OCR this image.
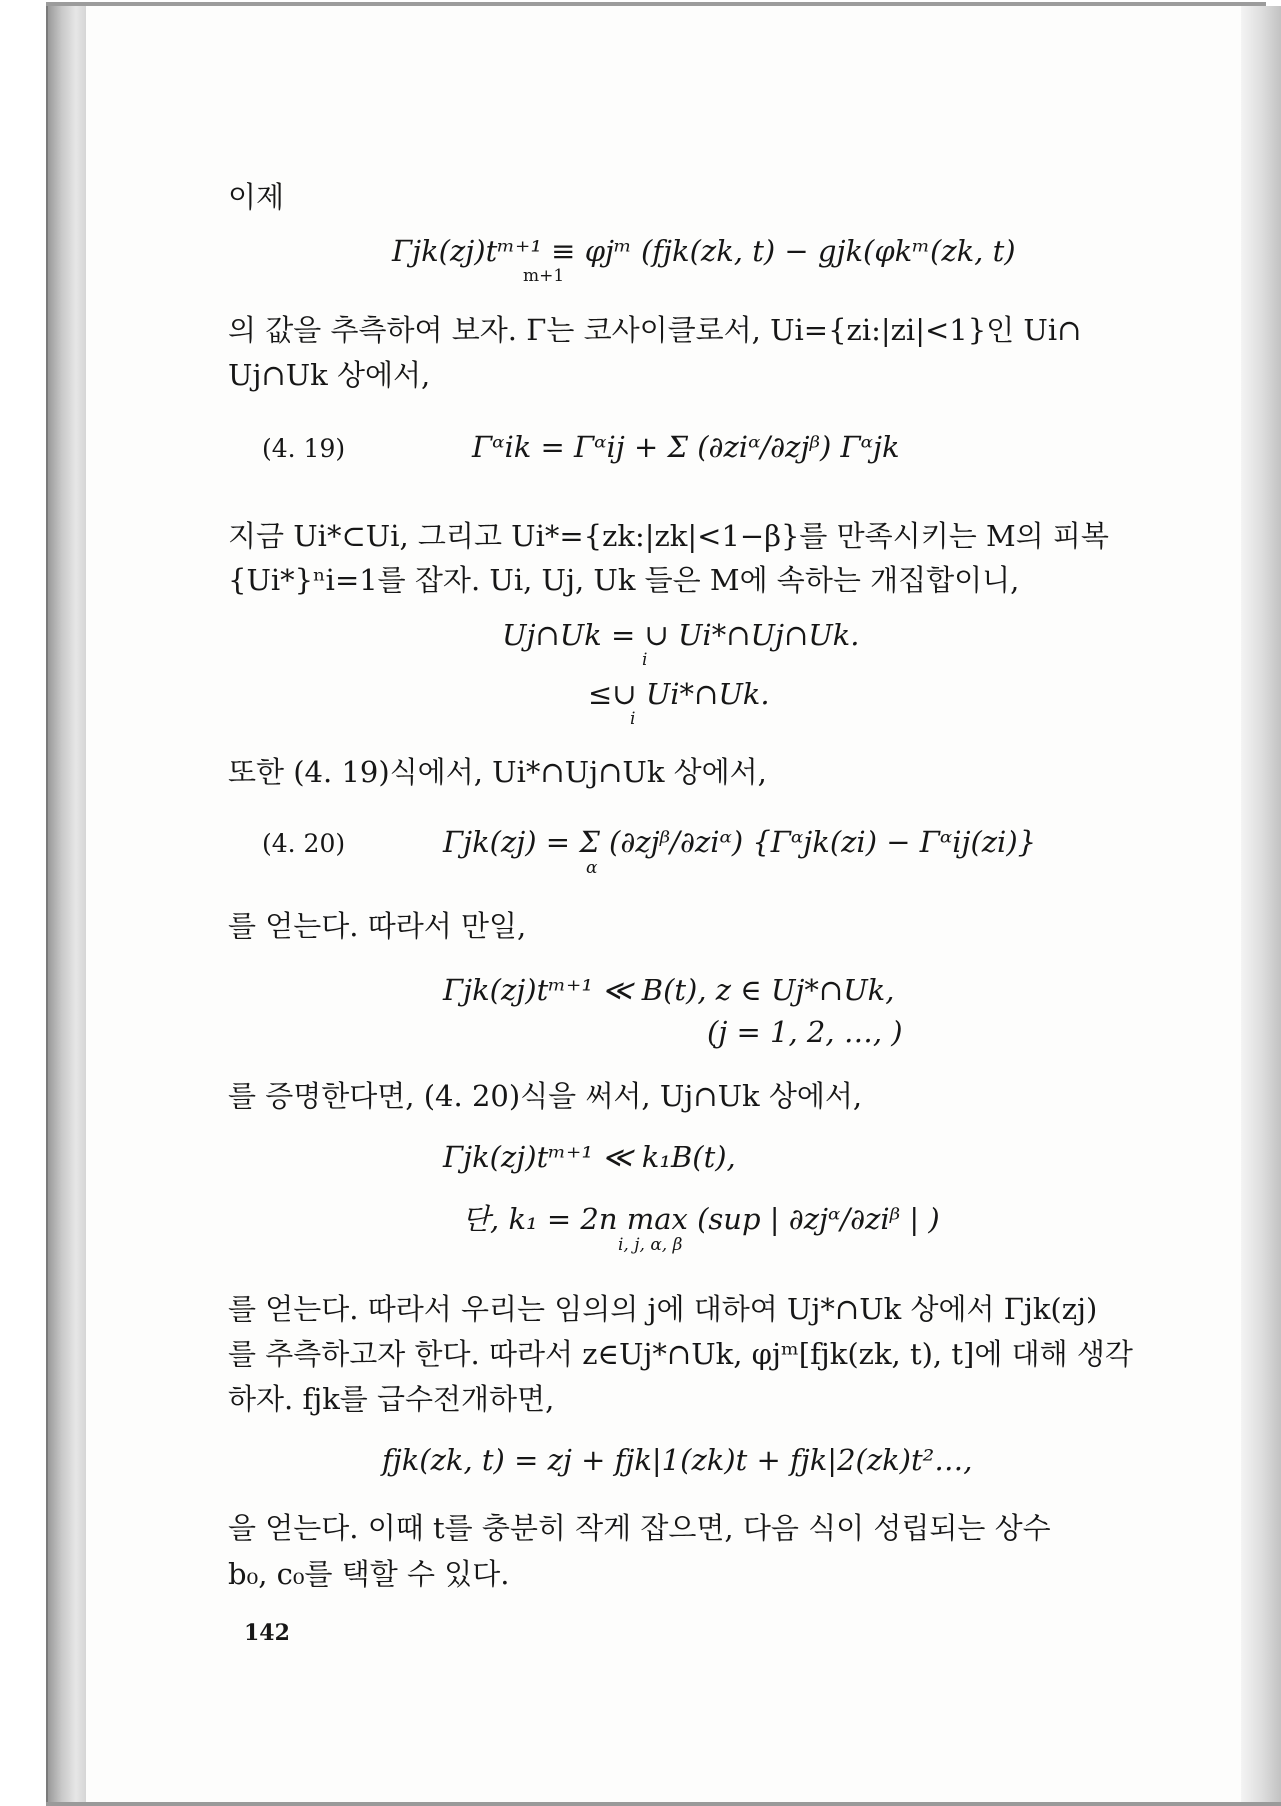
이제
Γjk(zj)tᵐ⁺¹ ≡ φjᵐ (fjk(zk, t) − gjk(φkᵐ(zk, t)
m+1
의 값을 추측하여 보자. Γ는 코사이클로서, Ui={zi:|zi|<1}인 Ui∩
Uj∩Uk 상에서,
(4. 19)	Γᵅik = Γᵅij + Σ (∂ziᵅ/∂zjᵝ) Γᵅjk
지금 Ui*⊂Ui, 그리고 Ui*={zk:|zk|<1−β}를 만족시키는 M의 피복
{Ui*}ⁿi=1를 잡자. Ui, Uj, Uk 들은 M에 속하는 개집합이니,
Uj∩Uk = ∪ Ui*∩Uj∩Uk.
i
≤∪ Ui*∩Uk.
i
또한 (4. 19)식에서, Ui*∩Uj∩Uk 상에서,
(4. 20)	Γjk(zj) = Σ (∂zjᵝ/∂ziᵅ) {Γᵅjk(zi) − Γᵅij(zi)}
α
를 얻는다. 따라서 만일,
Γjk(zj)tᵐ⁺¹ ≪ B(t), z ∈ Uj*∩Uk,
(j = 1, 2, …, )
를 증명한다면, (4. 20)식을 써서, Uj∩Uk 상에서,
Γjk(zj)tᵐ⁺¹ ≪ k₁B(t),
단, k₁ = 2n max (sup | ∂zjᵅ/∂ziᵝ | )
i, j, α, β
를 얻는다. 따라서 우리는 임의의 j에 대하여 Uj*∩Uk 상에서 Γjk(zj)
를 추측하고자 한다. 따라서 z∈Uj*∩Uk, φjᵐ[fjk(zk, t), t]에 대해 생각
하자. fjk를 급수전개하면,
fjk(zk, t) = zj + fjk|1(zk)t + fjk|2(zk)t²…,
을 얻는다. 이때 t를 충분히 작게 잡으면, 다음 식이 성립되는 상수
b₀, c₀를 택할 수 있다.
142
